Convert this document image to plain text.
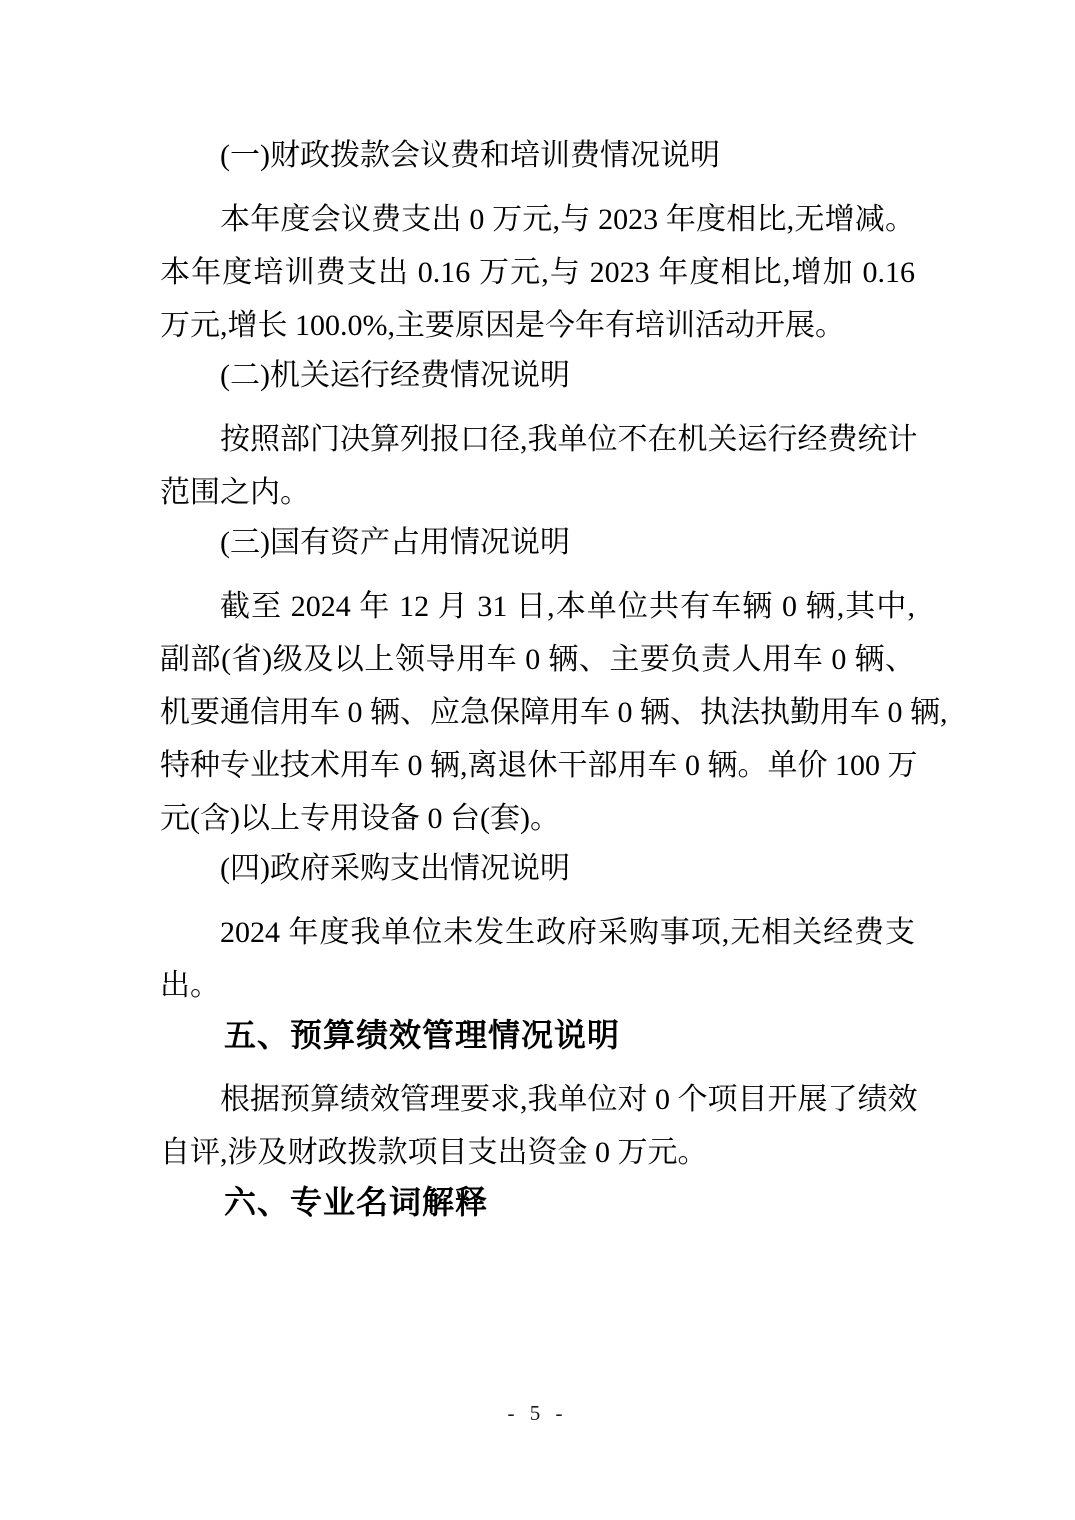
(一)财政拨款会议费和培训费情况说明
本年度会议费支出 0 万元,与 2023 年度相比,无增减。
本年度培训费支出 0.16 万元,与 2023 年度相比,增加 0.16
万元,增长 100.0%,主要原因是今年有培训活动开展。
(二)机关运行经费情况说明
按照部门决算列报口径,我单位不在机关运行经费统计
范围之内。
(三)国有资产占用情况说明
截至 2024 年 12 月 31 日,本单位共有车辆 0 辆,其中,
副部(省)级及以上领导用车 0 辆、主要负责人用车 0 辆、
机要通信用车 0 辆、应急保障用车 0 辆、执法执勤用车 0 辆,
特种专业技术用车 0 辆,离退休干部用车 0 辆。单价 100 万
元(含)以上专用设备 0 台(套)。
(四)政府采购支出情况说明
2024 年度我单位未发生政府采购事项,无相关经费支
出。
五、预算绩效管理情况说明
根据预算绩效管理要求,我单位对 0 个项目开展了绩效
自评,涉及财政拨款项目支出资金 0 万元。
六、专业名词解释
- 5 -
